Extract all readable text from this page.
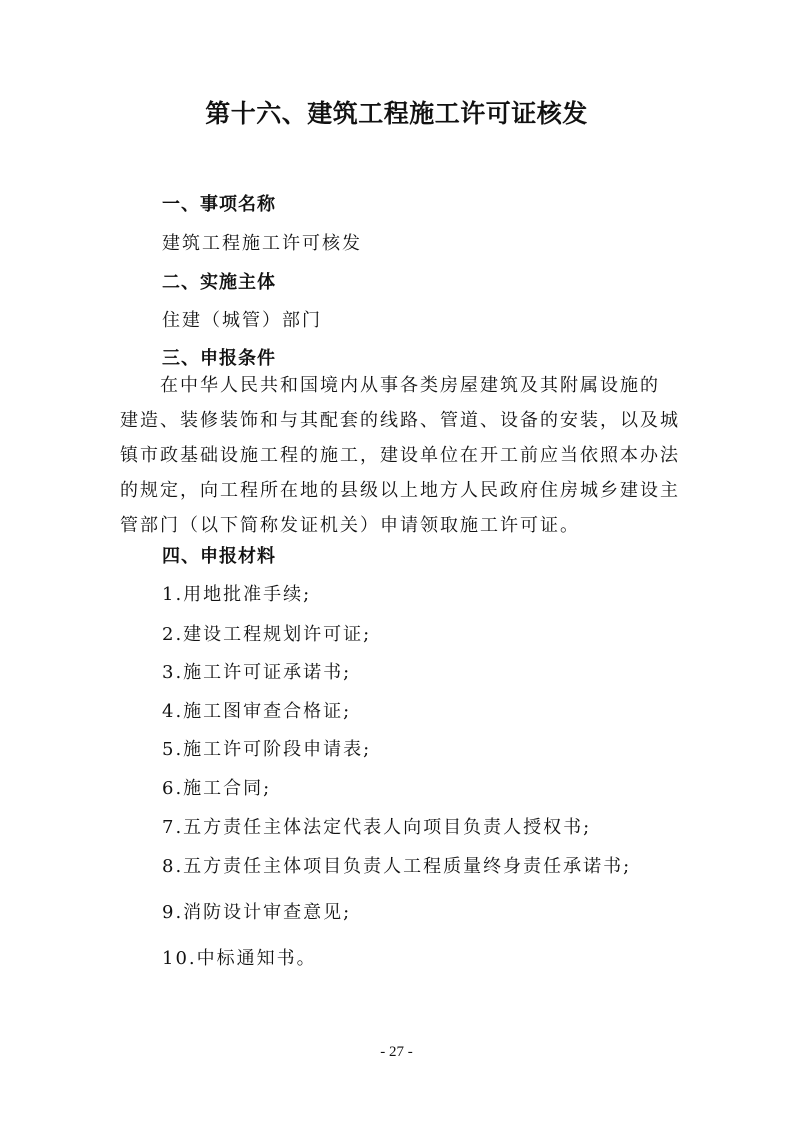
第十六、建筑工程施工许可证核发
一、事项名称
建筑工程施工许可核发
二、实施主体
住建（城管）部门
三、申报条件
在中华人民共和国境内从事各类房屋建筑及其附属设施的
建造、装修装饰和与其配套的线路、管道、设备的安装，以及城
镇市政基础设施工程的施工，建设单位在开工前应当依照本办法
的规定，向工程所在地的县级以上地方人民政府住房城乡建设主
管部门（以下简称发证机关）申请领取施工许可证。
四、申报材料
1.用地批准手续;
2.建设工程规划许可证;
3.施工许可证承诺书;
4.施工图审查合格证;
5.施工许可阶段申请表;
6.施工合同;
7.五方责任主体法定代表人向项目负责人授权书;
8.五方责任主体项目负责人工程质量终身责任承诺书;
9.消防设计审查意见;
10.中标通知书。
- 27 -
